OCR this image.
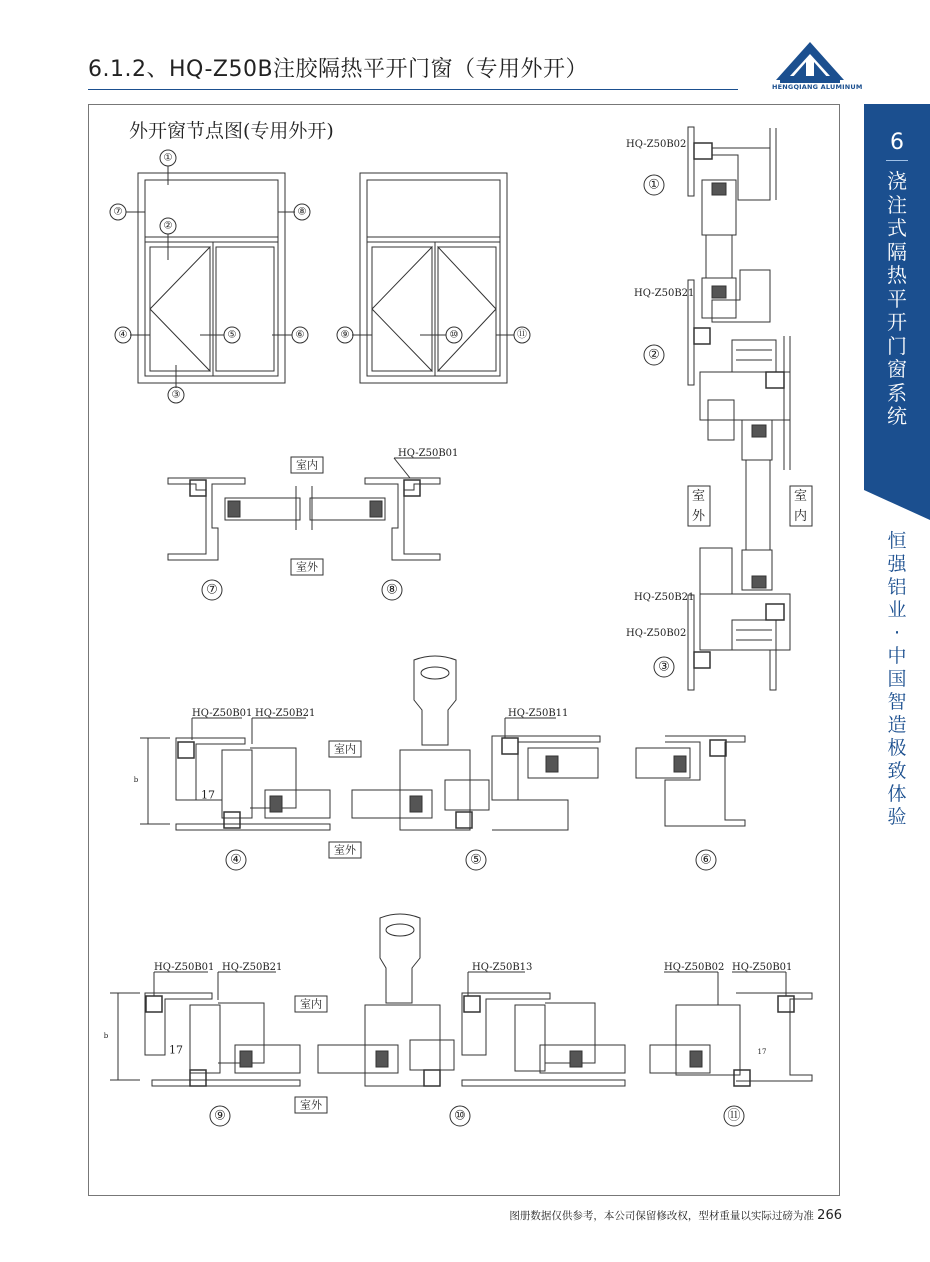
6.1.2、HQ-Z50B注胶隔热平开门窗（专用外开）
HENGQIANG ALUMINUM
6
浇注式隔热平开门窗系统
恒强铝业·中国智造 极致体验
外开窗节点图(专用外开)
①
⑦	⑧
②
④	⑤	⑥
③
⑨	⑩	⑪
⑦	⑧
①
②
③
④	⑤	⑥
⑨	⑩	⑪
HQ-Z50B01
HQ-Z50B02
HQ-Z50B21
HQ-Z50B21
HQ-Z50B02
HQ-Z50B01 HQ-Z50B21	HQ-Z50B11
HQ-Z50B01 HQ-Z50B21	HQ-Z50B13	HQ-Z50B02 HQ-Z50B01
室内
室外
室内
室外
室内
室外
17
17	17
b
b
室
外
室
内
图册数据仅供参考，本公司保留修改权，型材重量以实际过磅为准 266
